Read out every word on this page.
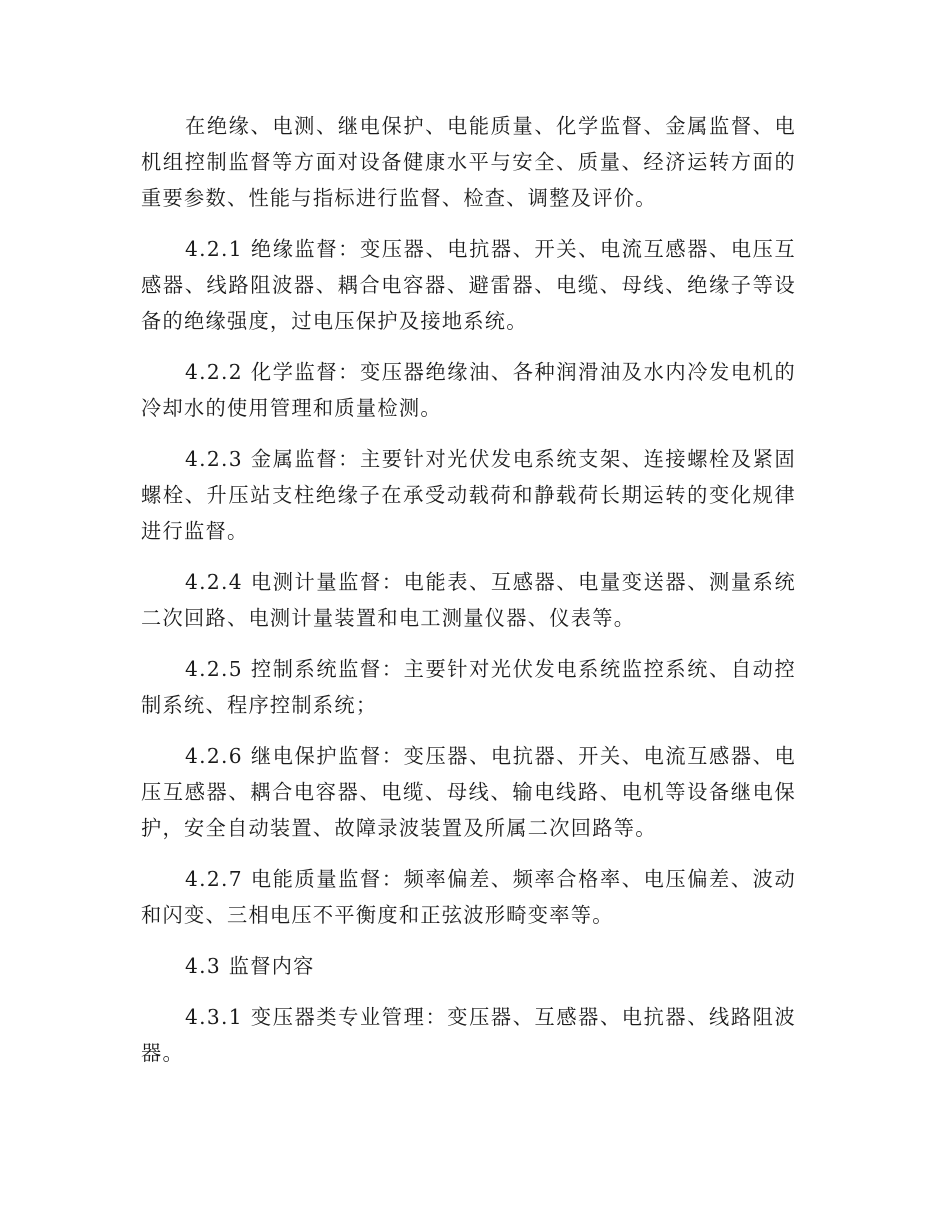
在绝缘、电测、继电保护、电能质量、化学监督、金属监督、电机组控制监督等方面对设备健康水平与安全、质量、经济运转方面的重要参数、性能与指标进行监督、检查、调整及评价。

4.2.1 绝缘监督：变压器、电抗器、开关、电流互感器、电压互感器、线路阻波器、耦合电容器、避雷器、电缆、母线、绝缘子等设备的绝缘强度，过电压保护及接地系统。

4.2.2 化学监督：变压器绝缘油、各种润滑油及水内冷发电机的冷却水的使用管理和质量检测。

4.2.3 金属监督：主要针对光伏发电系统支架、连接螺栓及紧固螺栓、升压站支柱绝缘子在承受动载荷和静载荷长期运转的变化规律进行监督。

4.2.4 电测计量监督：电能表、互感器、电量变送器、测量系统二次回路、电测计量装置和电工测量仪器、仪表等。

4.2.5 控制系统监督：主要针对光伏发电系统监控系统、自动控制系统、程序控制系统；

4.2.6 继电保护监督：变压器、电抗器、开关、电流互感器、电压互感器、耦合电容器、电缆、母线、输电线路、电机等设备继电保护，安全自动装置、故障录波装置及所属二次回路等。

4.2.7 电能质量监督：频率偏差、频率合格率、电压偏差、波动和闪变、三相电压不平衡度和正弦波形畸变率等。

4.3 监督内容

4.3.1 变压器类专业管理：变压器、互感器、电抗器、线路阻波器。
